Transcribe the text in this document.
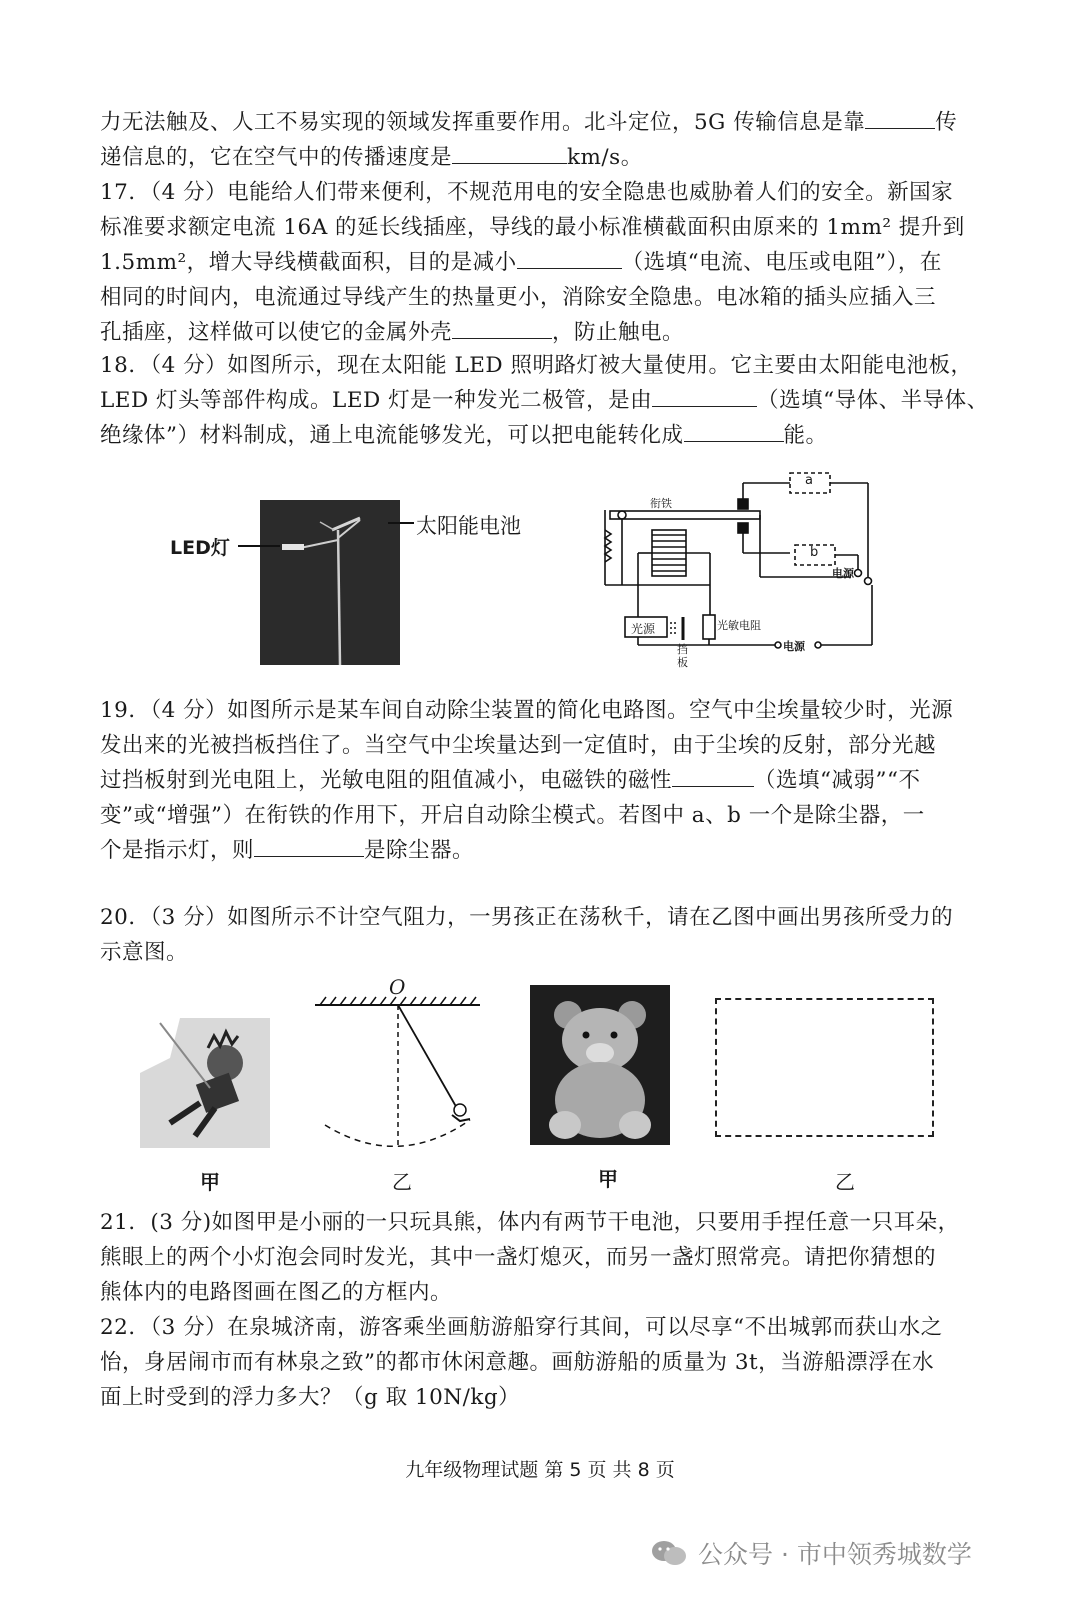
力无法触及、人工不易实现的领域发挥重要作用。北斗定位，5G 传输信息是靠	传
递信息的，它在空气中的传播速度是	km/s。

17．（4 分）电能给人们带来便利，不规范用电的安全隐患也威胁着人们的安全。新国家
标准要求额定电流 16A 的延长线插座，导线的最小标准横截面积由原来的 1mm² 提升到
1.5mm²，增大导线横截面积，目的是减小	（选填“电流、电压或电阻”），在
相同的时间内，电流通过导线产生的热量更小，消除安全隐患。电冰箱的插头应插入三
孔插座，这样做可以使它的金属外壳	，防止触电。

18．（4 分）如图所示，现在太阳能 LED 照明路灯被大量使用。它主要由太阳能电池板，
LED 灯头等部件构成。LED 灯是一种发光二极管，是由	（选填“导体、半导体、
绝缘体”）材料制成，通上电流能够发光，可以把电能转化成	能。

LED灯
太阳能电池
衔铁
a
b
电源
光源	光敏电阻
电源
挡板

19．（4 分）如图所示是某车间自动除尘装置的简化电路图。空气中尘埃量较少时，光源
发出来的光被挡板挡住了。当空气中尘埃量达到一定值时，由于尘埃的反射，部分光越
过挡板射到光电阻上，光敏电阻的阻值减小，电磁铁的磁性	（选填“减弱”“不
变”或“增强”）在衔铁的作用下，开启自动除尘模式。若图中 a、b 一个是除尘器，一
个是指示灯，则	是除尘器。

20．（3 分）如图所示不计空气阻力，一男孩正在荡秋千，请在乙图中画出男孩所受力的
示意图。

甲
O
乙	甲	乙

21．(3 分)如图甲是小丽的一只玩具熊，体内有两节干电池，只要用手捏任意一只耳朵，
熊眼上的两个小灯泡会同时发光，其中一盏灯熄灭，而另一盏灯照常亮。请把你猜想的
熊体内的电路图画在图乙的方框内。

22．（3 分）在泉城济南，游客乘坐画舫游船穿行其间，可以尽享“不出城郭而获山水之
怡，身居闹市而有林泉之致”的都市休闲意趣。画舫游船的质量为 3t，当游船漂浮在水
面上时受到的浮力多大？（g 取 10N/kg）

九年级物理试题 第 5 页 共 8 页
公众号 · 市中领秀城数学
